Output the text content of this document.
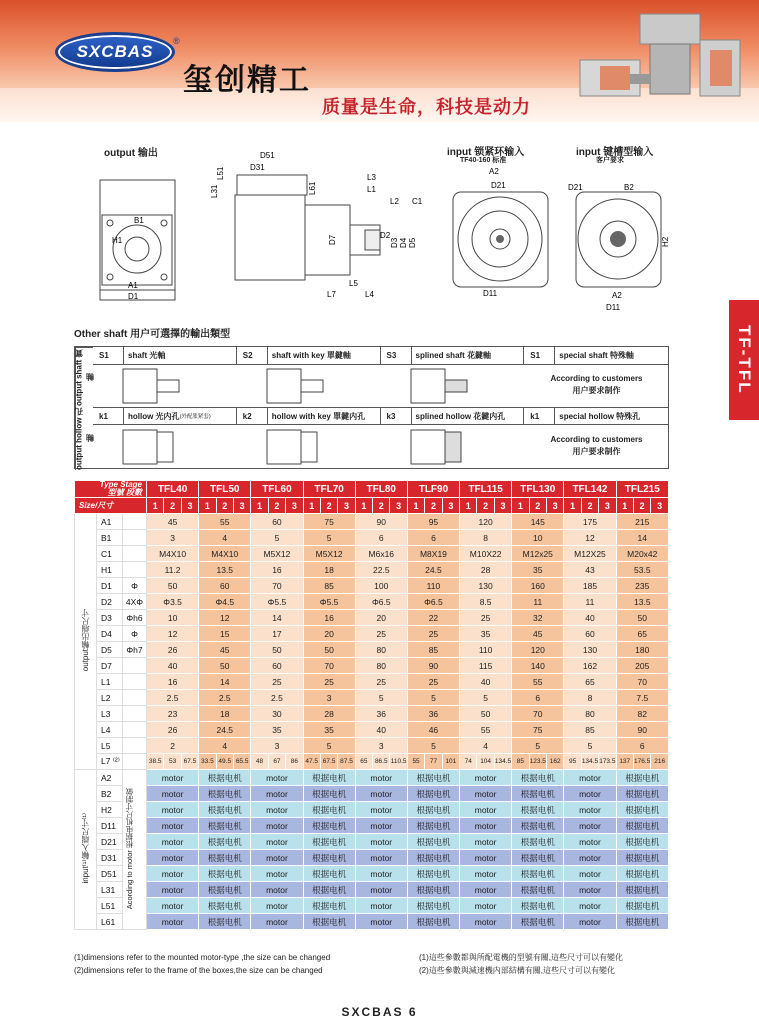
SXCBAS
®
玺创精工
质量是生命，科技是动力
output 输出	input 锁紧环输入
TF40-160 标准
input 键槽型输入
客户要求
B1
H1
A1
D1
D51
D31
L51
L31	L61
L3
L1
L2 C1
D7	D2
D3 D4 D5
L7
L5
L4
A2
D21
D11
D21	B2
H2
A2
D11
TF-TFL
Other shaft 用户可選擇的輸出類型
output shaft 實 軸
output hollow 孔 軸
S1	shaft 光軸	S2	shaft with key 單鍵軸	S3	splined shaft 花鍵軸	S1	special shaft 特殊軸
According to customers
用户要求制作
k1	hollow 光内孔 (外配胀紧套)	k2	hollow with key 單鍵内孔	k3	splined hollow 花鍵内孔	k1	special hollow 特殊孔
According to customers
用户要求制作
Type Stage
型號 段數			TFL40			TFL50			TFL60			TFL70			TFL80			TLF90			TFL115			TFL130			TFL142			TFL215		
Size/尺寸			1	2	3	1	2	3	1	2	3	1	2	3	1	2	3	1	2	3	1	2	3	1	2	3	1	2	3	1	2	3
output輸出端尺寸	A1		45			55			60			75			90			95			120			145			175			215		
	B1		3			4			5			5			6			6			8			10			12			14		
	C1		M4X10			M4X10			M5X12			M5X12			M6x16			M8X19			M10X22			M12x25			M12X25			M20x42		
	H1		11.2			13.5			16			18			22.5			24.5			28			35			43			53.5		
	D1	Φ	50			60			70			85			100			110			130			160			185			235		
	D2	4XΦ	Φ3.5			Φ4.5			Φ5.5			Φ5.5			Φ6.5			Φ6.5			8.5			11			11			13.5		
	D3	Φh6	10			12			14			16			20			22			25			32			40			50		
	D4	Φ	12			15			17			20			25			25			35			45			60			65		
	D5	Φh7	26			45			50			50			80			85			110			120			130			180		
	D7		40			50			60			70			80			90			115			140			162			205		
	L1		16			14			25			25			25			25			40			55			65			70		
	L2		2.5			2.5			2.5			3			5			5			5			6			8			7.5		
	L3		23			18			30			28			36			36			50			70			80			82		
	L4		26			24.5			35			35			40			46			55			75			85			90		
	L5		2			4			3			5			3			5			4			5			5			6		
	L7 ⁽²⁾		38.5	53	67.5	33.5	49.5	65.5	48	67	86	47.5	67.5	87.5	65	86.5	110.5	55	77	101	74	104	134.5	85	123.5	162	95	134.5	173.5	137	176.5	216
input⁽¹⁾輸入端尺寸⁽¹⁾	A2	Acording to motor 根据电机尺寸制做	motor			根据电机			motor			根据电机			motor			根据电机			motor			根据电机			motor			根据电机		
	B2		motor			根据电机			motor			根据电机			motor			根据电机			motor			根据电机			motor			根据电机		
	H2		motor			根据电机			motor			根据电机			motor			根据电机			motor			根据电机			motor			根据电机		
	D11		motor			根据电机			motor			根据电机			motor			根据电机			motor			根据电机			motor			根据电机		
	D21		motor			根据电机			motor			根据电机			motor			根据电机			motor			根据电机			motor			根据电机		
	D31		motor			根据电机			motor			根据电机			motor			根据电机			motor			根据电机			motor			根据电机		
	D51		motor			根据电机			motor			根据电机			motor			根据电机			motor			根据电机			motor			根据电机		
	L31		motor			根据电机			motor			根据电机			motor			根据电机			motor			根据电机			motor			根据电机		
	L51		motor			根据电机			motor			根据电机			motor			根据电机			motor			根据电机			motor			根据电机		
	L61		motor			根据电机			motor			根据电机			motor			根据电机			motor			根据电机			motor			根据电机		
(1)dimensions refer to the mounted motor-type ,the size can be changed
(2)dimensions refer to the frame of the boxes,the size can be changed
(1)這些參數都與所配電機的型號有關,這些尺寸可以有變化
(2)這些參數與減速機内部結構有關,這些尺寸可以有變化
SXCBAS 6
